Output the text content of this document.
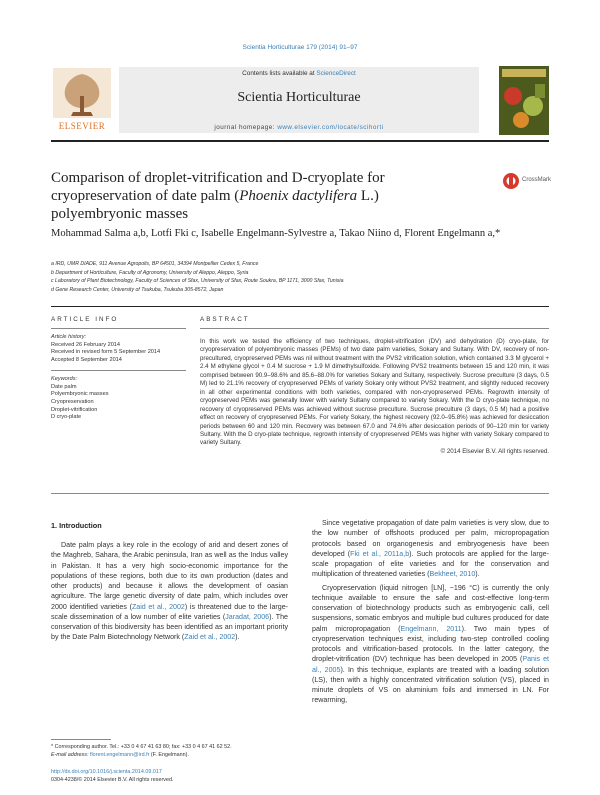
Scientia Horticulturae 179 (2014) 91–97
ELSEVIER
Contents lists available at ScienceDirect
Scientia Horticulturae
journal homepage: www.elsevier.com/locate/scihorti
Comparison of droplet-vitrification and D-cryoplate for cryopreservation of date palm (Phoenix dactylifera L.) polyembryonic masses
CrossMark
Mohammad Salma a,b, Lotfi Fki c, Isabelle Engelmann-Sylvestre a, Takao Niino d, Florent Engelmann a,*
a IRD, UMR DIADE, 911 Avenue Agropolis, BP 64501, 34394 Montpellier Cedex 5, France
b Department of Horticulture, Faculty of Agronomy, University of Aleppo, Aleppo, Syria
c Laboratory of Plant Biotechnology, Faculty of Sciences of Sfax, University of Sfax, Route Soukra, BP 1171, 3000 Sfax, Tunisia
d Gene Research Center, University of Tsukuba, Tsukuba 305-8572, Japan
ARTICLE INFO	ABSTRACT
Article history:
Received 26 February 2014
Received in revised form 5 September 2014
Accepted 8 September 2014
Keywords:
Date palm
Polyembryonic masses
Cryopreservation
Droplet-vitrification
D cryo-plate
In this work we tested the efficiency of two techniques, droplet-vitrification (DV) and dehydration (D) cryo-plate, for cryopreservation of polyembryonic masses (PEMs) of two date palm varieties, Sokary and Sultany. With DV, recovery of non-precultured, cryopreserved PEMs was nil without treatment with the PVS2 vitrification solution, which contained 3.3 M glycerol + 2.4 M ethylene glycol + 0.4 M sucrose + 1.9 M dimethylsulfoxide. Following PVS2 treatments between 15 and 120 min, it was comprised between 90.9–98.6% and 85.6–88.0% for varieties Sokary and Sultany, respectively. Sucrose preculture (3 days, 0.5 M) led to 21.1% recovery of cryopreserved PEMs of variety Sokary only without PVS2 treatment, and slightly reduced recovery in all other experimental conditions with both varieties, compared with non-cryopreserved PEMs. Regrowth intensity of cryopreserved PEMs was generally lower with variety Sultany compared to variety Sokary. With the D cryo-plate technique, no recovery of cryopreserved PEMs was achieved without sucrose preculture. Sucrose preculture (3 days, 0.5 M) had a positive effect on recovery of cryopreserved PEMs. For variety Sokary, the highest recovery (92.0–95.8%) was achieved for desiccation periods between 60 and 120 min. Recovery was between 67.0 and 74.6% after desiccation periods of 90–120 min for variety Sultany. With the D cryo-plate technique, regrowth intensity of cryopreserved PEMs was higher with variety Sokary compared to variety Sultany.
© 2014 Elsevier B.V. All rights reserved.
1. Introduction
Date palm plays a key role in the ecology of arid and desert zones of the Maghreb, Sahara, the Arabic peninsula, Iran as well as the Indus valley in Pakistan. It has a very high socio-economic importance for the populations of these regions, both due to its own production (dates and other products) and because it allows the development of oasian agriculture. The large genetic diversity of date palm, which includes over 2000 identified varieties (Zaid et al., 2002) is threatened due to the large-scale dissemination of a low number of elite varieties (Jaradat, 2006). The conservation of this biodiversity has been identified as an important priority by the Date Palm Biotechnology Network (Zaid et al., 2002).
Since vegetative propagation of date palm varieties is very slow, due to the low number of offshoots produced per palm, micropropagation protocols based on organogenesis and embryogenesis have been developed (Fki et al., 2011a,b). Such protocols are applied for the large-scale propagation of elite varieties and for the conservation and multiplication of threatened varieties (Bekheet, 2010).
Cryopreservation (liquid nitrogen [LN], −196 °C) is currently the only technique available to ensure the safe and cost-effective long-term conservation of biotechnology products such as embryogenic calli, cell suspensions, somatic embryos and multiple bud cultures produced for date palm micropropagation (Engelmann, 2011). Two main types of cryopreservation techniques exist, including two-step controlled cooling protocols and vitrification-based protocols. In the latter category, the droplet-vitrification (DV) technique has been developed in 2005 (Panis et al., 2005). In this technique, explants are treated with a loading solution (LS), then with a highly concentrated vitrification solution (VS), placed in minute droplets of VS on aluminium foils and immersed in LN. For rewarming,
* Corresponding author. Tel.: +33 0 4 67 41 63 80; fax: +33 0 4 67 41 62 52.
E-mail address: florent.engelmann@ird.fr (F. Engelmann).
http://dx.doi.org/10.1016/j.scienta.2014.09.017
0304-4238/© 2014 Elsevier B.V. All rights reserved.
